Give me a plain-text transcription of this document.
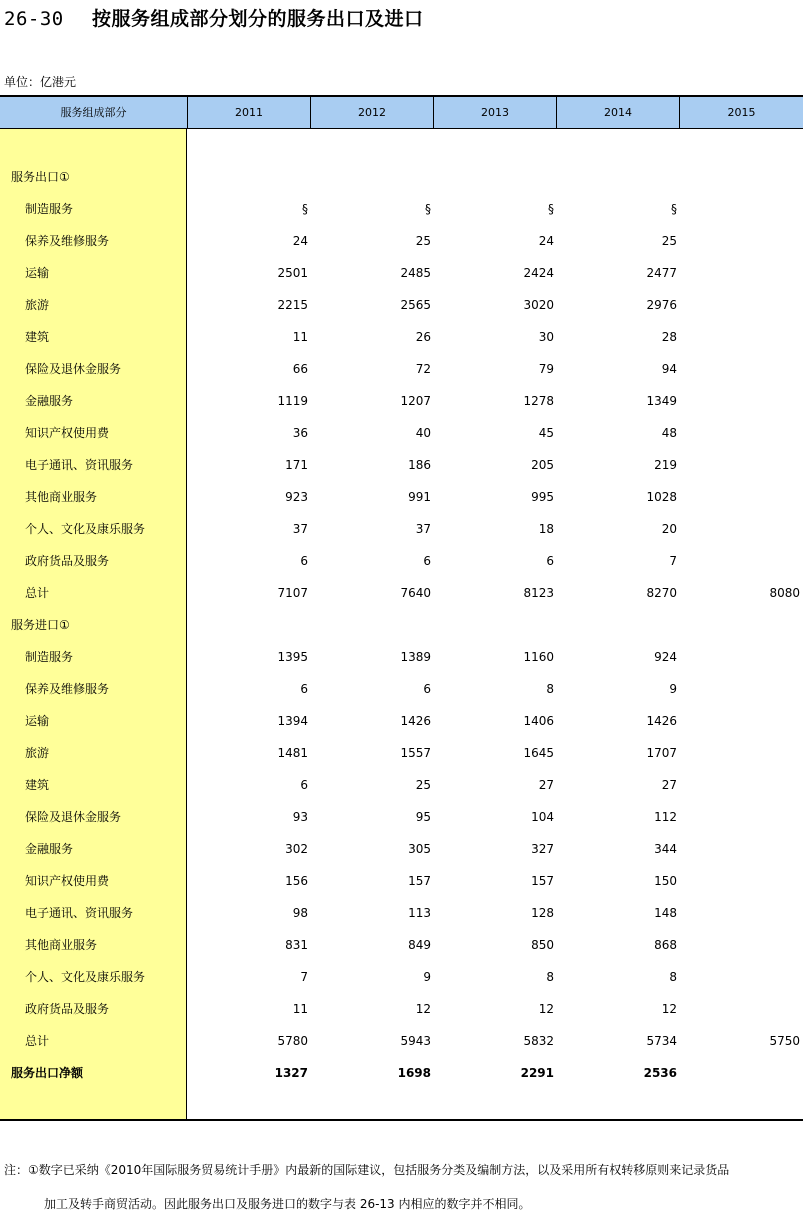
26-30 按服务组成部分划分的服务出口及进口
单位：亿港元
服务组成部分	2011	2012	2013	2014	2015
服务出口①
制造服务	§	§	§	§
保养及维修服务	24	25	24	25
运输	2501	2485	2424	2477
旅游	2215	2565	3020	2976
建筑	11	26	30	28
保险及退休金服务	66	72	79	94
金融服务	1119	1207	1278	1349
知识产权使用费	36	40	45	48
电子通讯、资讯服务	171	186	205	219
其他商业服务	923	991	995	1028
个人、文化及康乐服务	37	37	18	20
政府货品及服务	6	6	6	7
总计	7107	7640	8123	8270	8080
服务进口①
制造服务	1395	1389	1160	924
保养及维修服务	6	6	8	9
运输	1394	1426	1406	1426
旅游	1481	1557	1645	1707
建筑	6	25	27	27
保险及退休金服务	93	95	104	112
金融服务	302	305	327	344
知识产权使用费	156	157	157	150
电子通讯、资讯服务	98	113	128	148
其他商业服务	831	849	850	868
个人、文化及康乐服务	7	9	8	8
政府货品及服务	11	12	12	12
总计	5780	5943	5832	5734	5750
服务出口净额	1327	1698	2291	2536
注：①数字已采纳《2010年国际服务贸易统计手册》内最新的国际建议，包括服务分类及编制方法，以及采用所有权转移原则来记录货品
加工及转手商贸活动。因此服务出口及服务进口的数字与表 26-13 内相应的数字并不相同。
